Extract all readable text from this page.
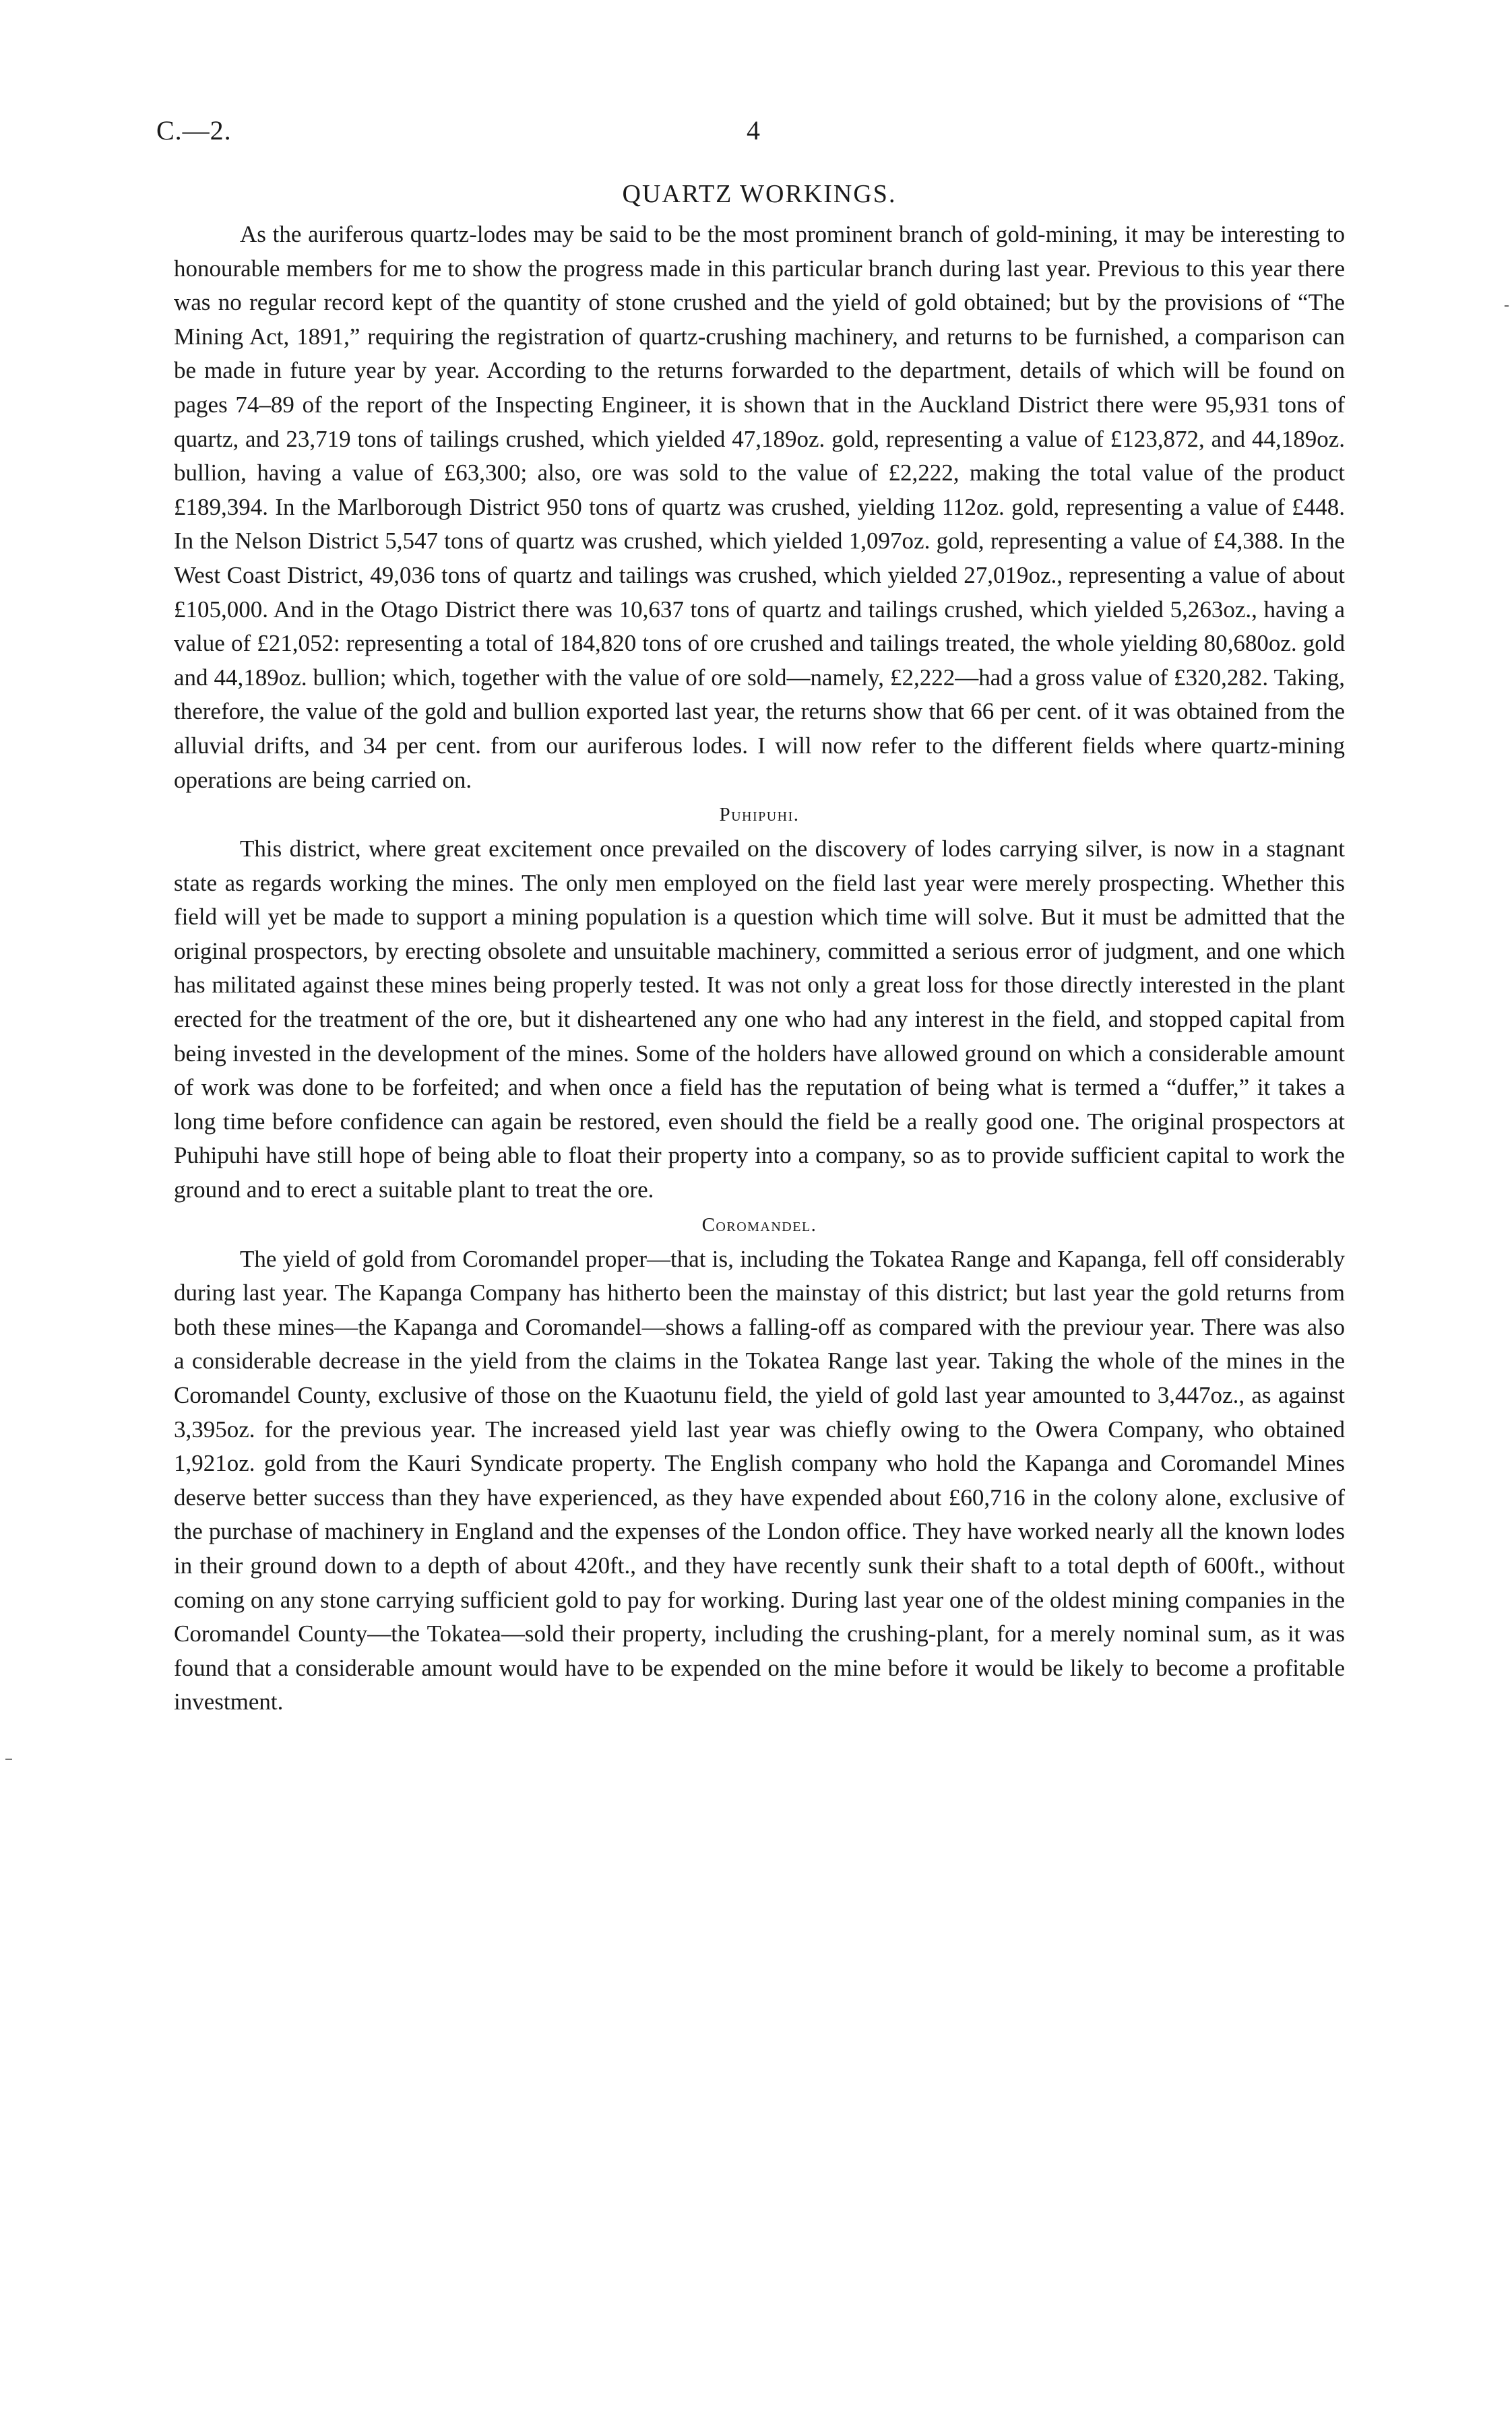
C.—2.	4
-
QUARTZ WORKINGS.

As the auriferous quartz-lodes may be said to be the most prominent branch of gold-mining, it may be interesting to honourable members for me to show the progress made in this particular branch during last year. Previous to this year there was no regular record kept of the quantity of stone crushed and the yield of gold obtained; but by the provisions of “The Mining Act, 1891,” requiring the registration of quartz-crushing machinery, and returns to be furnished, a comparison can be made in future year by year. According to the returns forwarded to the department, details of which will be found on pages 74–89 of the report of the Inspecting Engineer, it is shown that in the Auckland District there were 95,931 tons of quartz, and 23,719 tons of tailings crushed, which yielded 47,189oz. gold, representing a value of £123,872, and 44,189oz. bullion, having a value of £63,300; also, ore was sold to the value of £2,222, making the total value of the product £189,394. In the Marlborough District 950 tons of quartz was crushed, yielding 112oz. gold, representing a value of £448. In the Nelson District 5,547 tons of quartz was crushed, which yielded 1,097oz. gold, representing a value of £4,388. In the West Coast District, 49,036 tons of quartz and tailings was crushed, which yielded 27,019oz., representing a value of about £105,000. And in the Otago District there was 10,637 tons of quartz and tailings crushed, which yielded 5,263oz., having a value of £21,052: representing a total of 184,820 tons of ore crushed and tailings treated, the whole yielding 80,680oz. gold and 44,189oz. bullion; which, together with the value of ore sold—namely, £2,222—had a gross value of £320,282. Taking, therefore, the value of the gold and bullion exported last year, the returns show that 66 per cent. of it was obtained from the alluvial drifts, and 34 per cent. from our auriferous lodes. I will now refer to the different fields where quartz-mining operations are being carried on.

Puhipuhi.

This district, where great excitement once prevailed on the discovery of lodes carrying silver, is now in a stagnant state as regards working the mines. The only men employed on the field last year were merely prospecting. Whether this field will yet be made to support a mining population is a question which time will solve. But it must be admitted that the original prospectors, by erecting obsolete and unsuitable machinery, committed a serious error of judgment, and one which has militated against these mines being properly tested. It was not only a great loss for those directly interested in the plant erected for the treatment of the ore, but it disheartened any one who had any interest in the field, and stopped capital from being invested in the development of the mines. Some of the holders have allowed ground on which a considerable amount of work was done to be forfeited; and when once a field has the reputation of being what is termed a “duffer,” it takes a long time before confidence can again be restored, even should the field be a really good one. The original prospectors at Puhipuhi have still hope of being able to float their property into a company, so as to provide sufficient capital to work the ground and to erect a suitable plant to treat the ore.

Coromandel.

The yield of gold from Coromandel proper—that is, including the Tokatea Range and Kapanga, fell off considerably during last year. The Kapanga Company has hitherto been the mainstay of this district; but last year the gold returns from both these mines—the Kapanga and Coromandel—shows a falling-off as compared with the previour year. There was also a considerable decrease in the yield from the claims in the Tokatea Range last year. Taking the whole of the mines in the Coromandel County, exclusive of those on the Kuaotunu field, the yield of gold last year amounted to 3,447oz., as against 3,395oz. for the previous year. The increased yield last year was chiefly owing to the Owera Company, who obtained 1,921oz. gold from the Kauri Syndicate property. The English company who hold the Kapanga and Coromandel Mines deserve better success than they have experienced, as they have expended about £60,716 in the colony alone, exclusive of the purchase of machinery in England and the expenses of the London office. They have worked nearly all the known lodes in their ground down to a depth of about 420ft., and they have recently sunk their shaft to a total depth of 600ft., without coming on any stone carrying sufficient gold to pay for working. During last year one of the oldest mining companies in the Coromandel County—the Tokatea—sold their property, including the crushing-plant, for a merely nominal sum, as it was found that a considerable amount would have to be expended on the mine before it would be likely to become a profitable investment.
